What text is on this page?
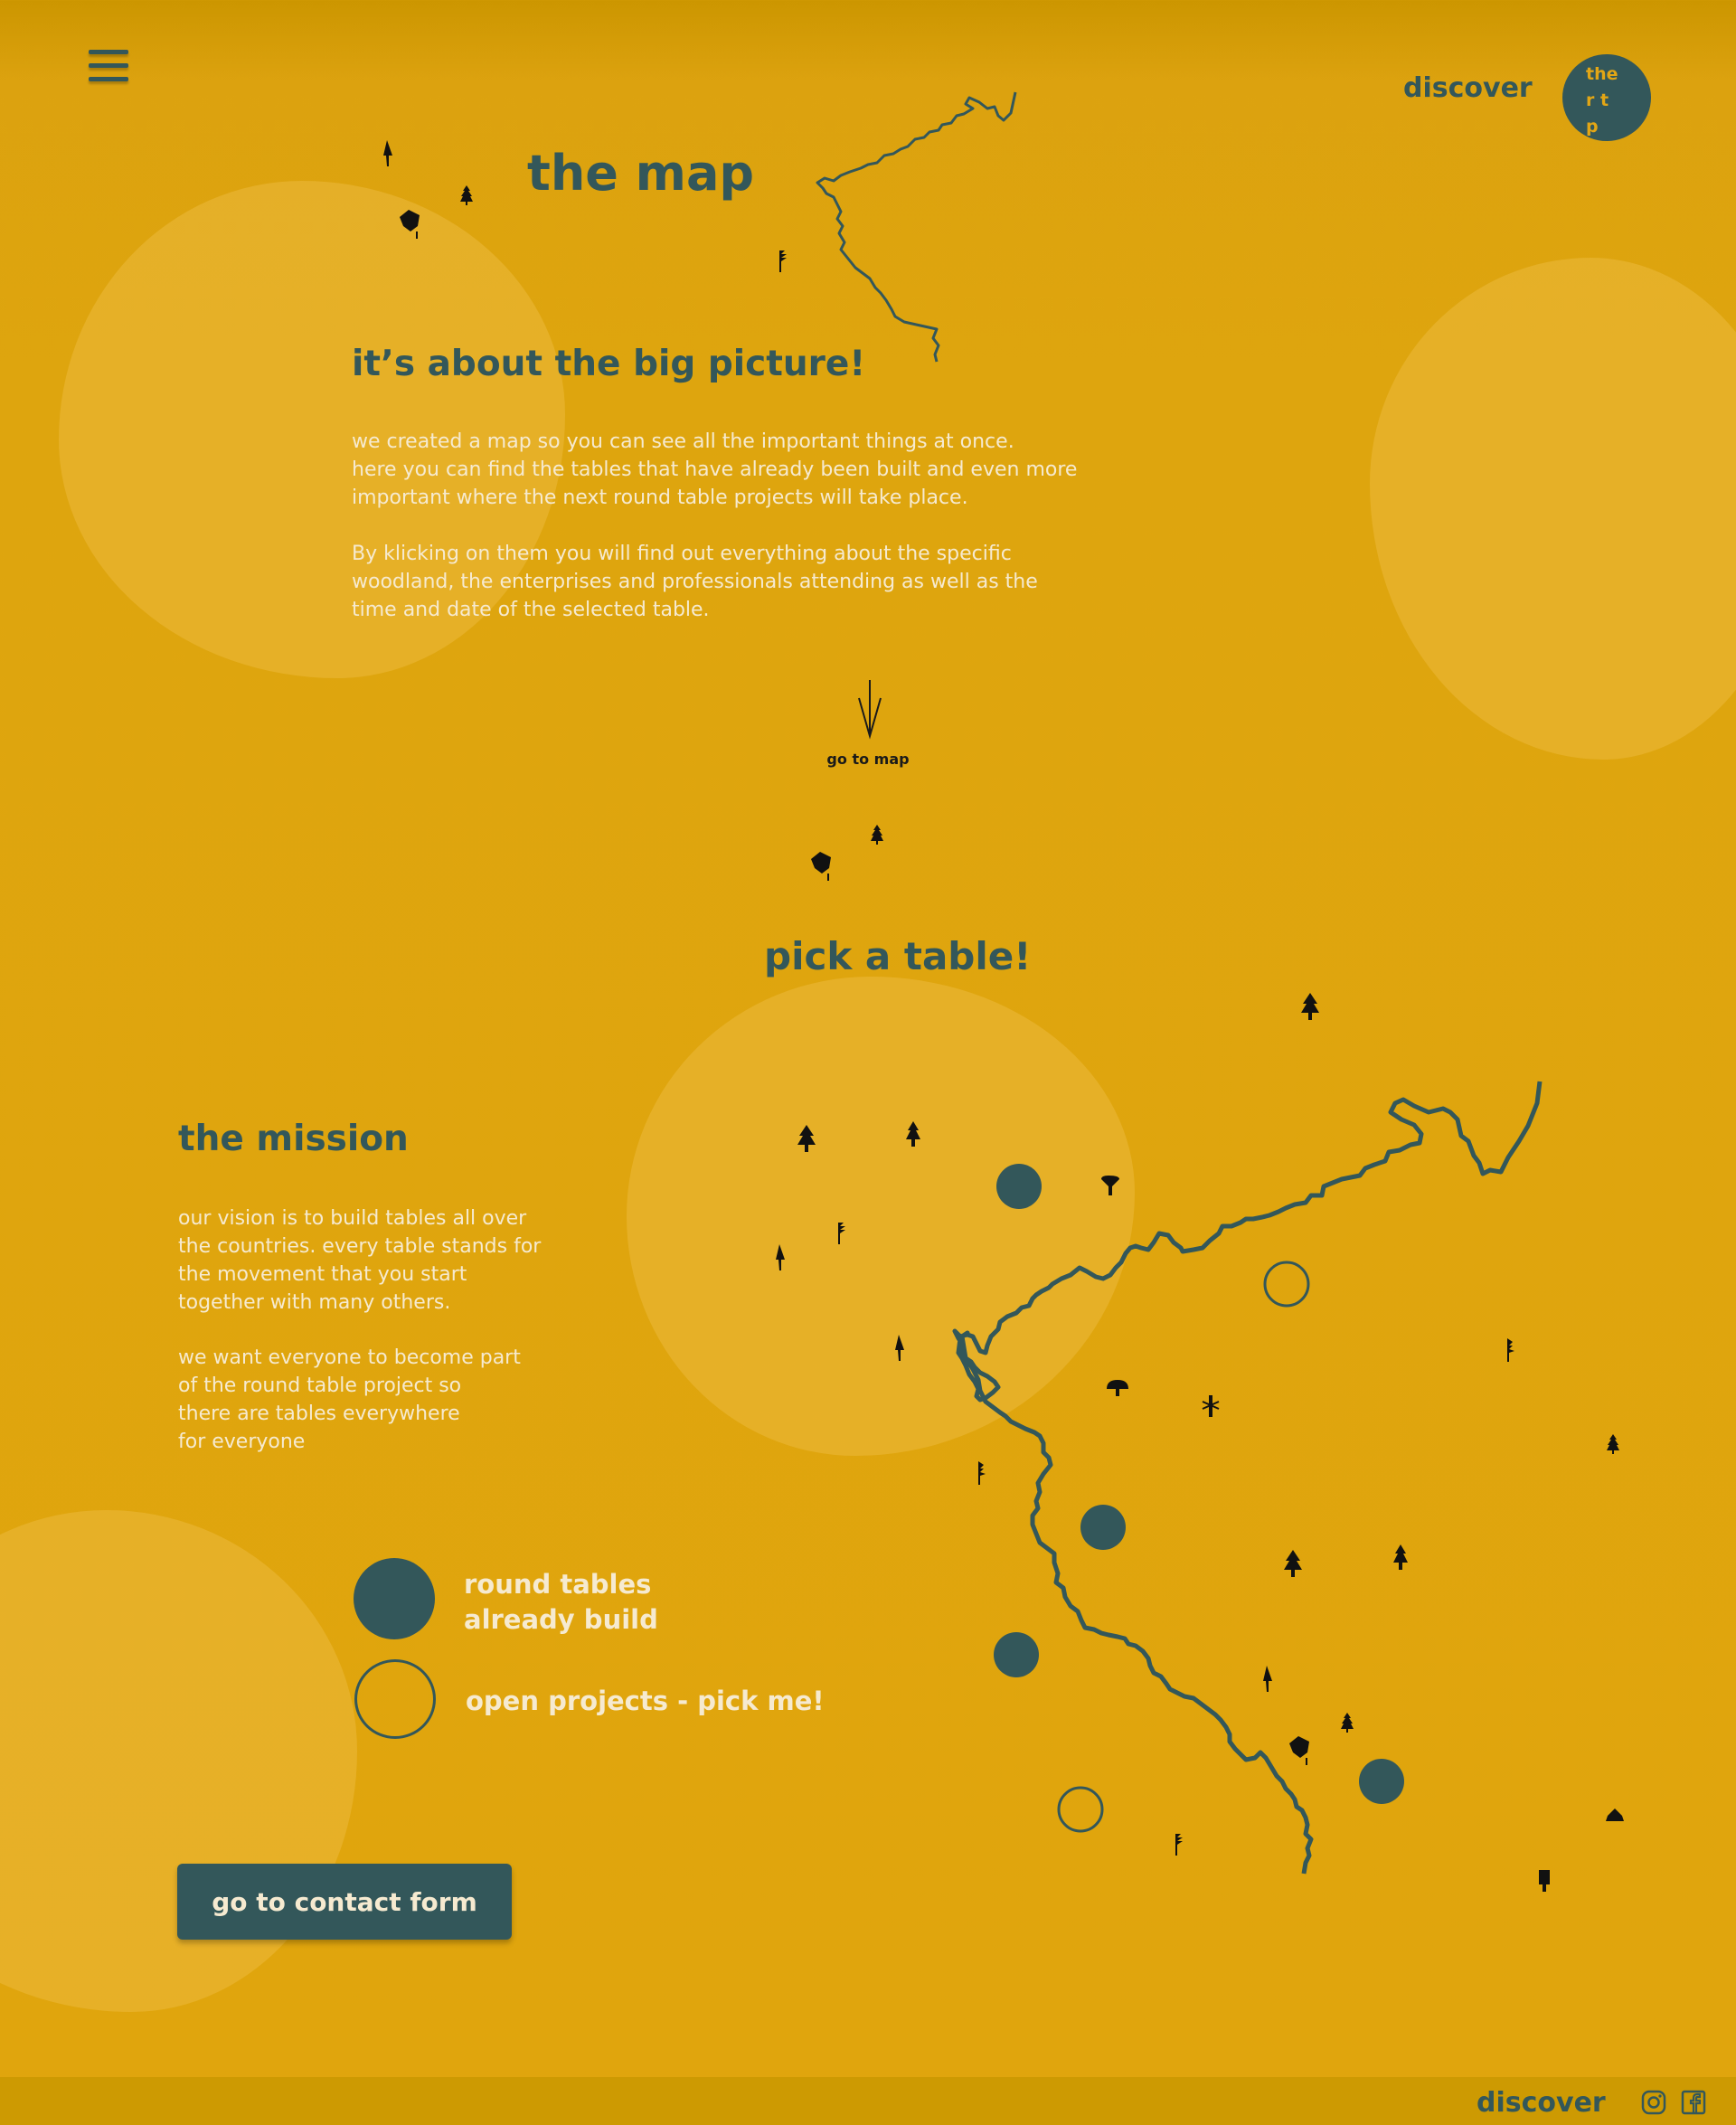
discover	the
r t
p
the map
it’s about the big picture!

we created a map so you can see all the important things at once.
here you can find the tables that have already been built and even more
important where the next round table projects will take place.

By klicking on them you will find out everything about the specific
woodland, the enterprises and professionals attending as well as the
time and date of the selected table.

go to map
pick a table!
the mission

our vision is to build tables all over
the countries. every table stands for
the movement that you start
together with many others.

we want everyone to become part
of the round table project so
there are tables everywhere
for everyone

round tables
already build
open projects - pick me!
go to contact form
discover
